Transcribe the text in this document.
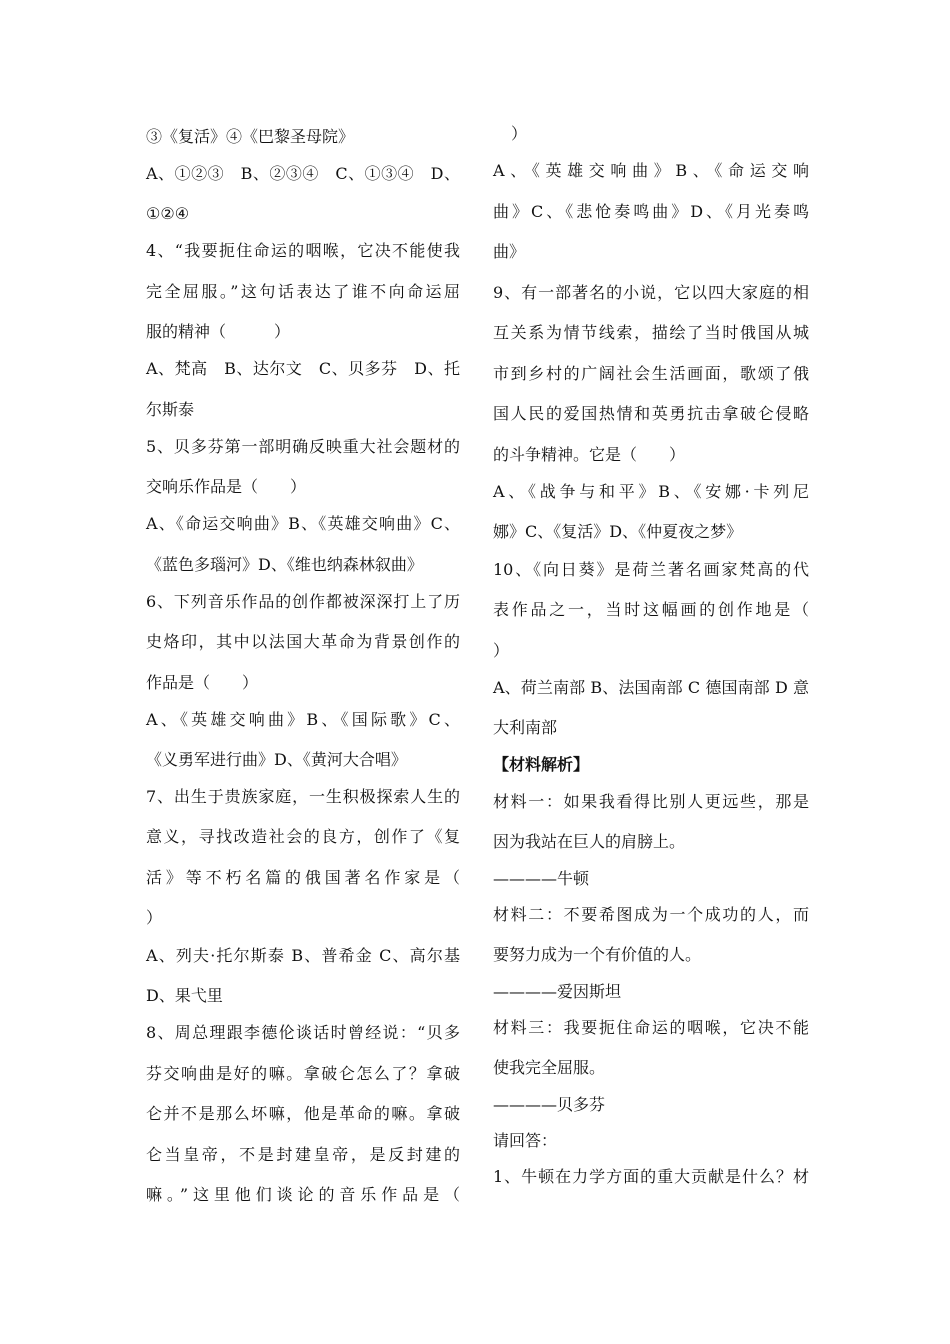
③《复活》④《巴黎圣母院》
A、①②③　B、②③④　C、①③④　D、
①②④
4、“我要扼住命运的咽喉，它决不能使我
完全屈服。”这句话表达了谁不向命运屈
服的精神（　　　）
A、梵高　B、达尔文　C、贝多芬　D、托
尔斯泰
5、贝多芬第一部明确反映重大社会题材的
交响乐作品是（　　）
A、《命运交响曲》B、《英雄交响曲》C、
《蓝色多瑙河》D、《维也纳森林叙曲》
6、下列音乐作品的创作都被深深打上了历
史烙印，其中以法国大革命为背景创作的
作品是（　　）
A、《英雄交响曲》B、《国际歌》C、
《义勇军进行曲》D、《黄河大合唱》
7、出生于贵族家庭，一生积极探索人生的
意义，寻找改造社会的良方，创作了《复
活》等不朽名篇的俄国著名作家是（
）
A、列夫·托尔斯泰 B、普希金 C、高尔基
D、果弋里
8、周总理跟李德伦谈话时曾经说：“贝多
芬交响曲是好的嘛。拿破仑怎么了？拿破
仑并不是那么坏嘛，他是革命的嘛。拿破
仑当皇帝，不是封建皇帝，是反封建的
嘛。”这里他们谈论的音乐作品是（
）
A、《英雄交响曲》B、《命运交响
曲》C、《悲怆奏鸣曲》D、《月光奏鸣
曲》
9、有一部著名的小说，它以四大家庭的相
互关系为情节线索，描绘了当时俄国从城
市到乡村的广阔社会生活画面，歌颂了俄
国人民的爱国热情和英勇抗击拿破仑侵略
的斗争精神。它是（　　）
A、《战争与和平》B、《安娜·卡列尼
娜》C、《复活》D、《仲夏夜之梦》
10、《向日葵》是荷兰著名画家梵高的代
表作品之一，当时这幅画的创作地是（
）
A、荷兰南部 B、法国南部 C 德国南部 D 意
大利南部
【材料解析】
材料一：如果我看得比别人更远些，那是
因为我站在巨人的肩膀上。
————牛顿
材料二：不要希图成为一个成功的人，而
要努力成为一个有价值的人。
————爱因斯坦
材料三：我要扼住命运的咽喉，它决不能
使我完全屈服。
————贝多芬
请回答：
1、牛顿在力学方面的重大贡献是什么？材
